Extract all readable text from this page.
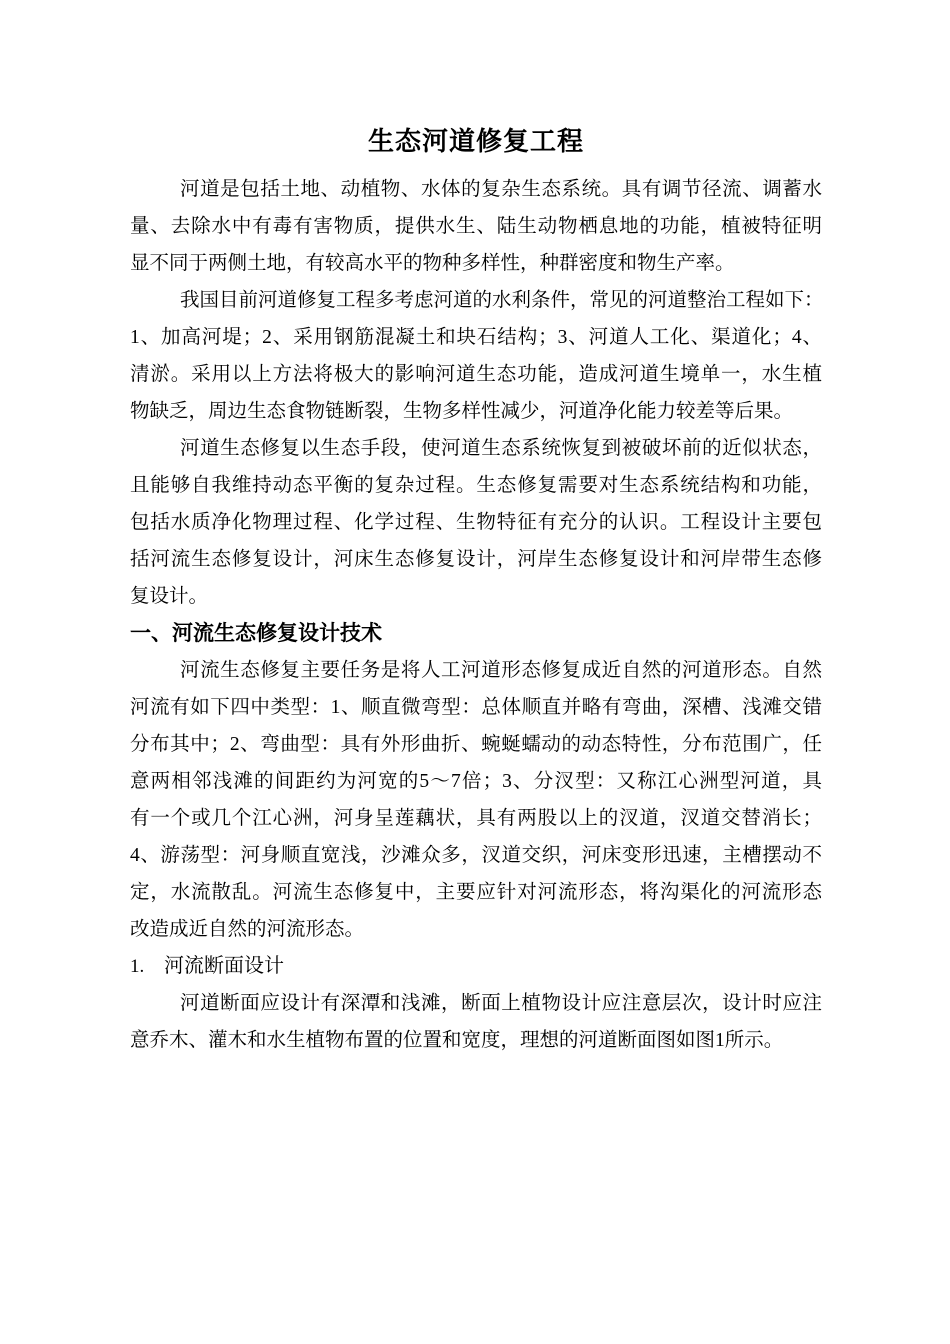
生态河道修复工程
河道是包括土地、动植物、水体的复杂生态系统。具有调节径流、调蓄水
量、去除水中有毒有害物质，提供水生、陆生动物栖息地的功能，植被特征明
显不同于两侧土地，有较高水平的物种多样性，种群密度和物生产率。
我国目前河道修复工程多考虑河道的水利条件，常见的河道整治工程如下：
1、加高河堤；2、采用钢筋混凝土和块石结构；3、河道人工化、渠道化；4、
清淤。采用以上方法将极大的影响河道生态功能，造成河道生境单一，水生植
物缺乏，周边生态食物链断裂，生物多样性减少，河道净化能力较差等后果。
河道生态修复以生态手段，使河道生态系统恢复到被破坏前的近似状态，
且能够自我维持动态平衡的复杂过程。生态修复需要对生态系统结构和功能，
包括水质净化物理过程、化学过程、生物特征有充分的认识。工程设计主要包
括河流生态修复设计，河床生态修复设计，河岸生态修复设计和河岸带生态修
复设计。
一、河流生态修复设计技术
河流生态修复主要任务是将人工河道形态修复成近自然的河道形态。自然
河流有如下四中类型：1、顺直微弯型：总体顺直并略有弯曲，深槽、浅滩交错
分布其中；2、弯曲型：具有外形曲折、蜿蜒蠕动的动态特性，分布范围广，任
意两相邻浅滩的间距约为河宽的5～7倍；3、分汊型：又称江心洲型河道，具
有一个或几个江心洲，河身呈莲藕状，具有两股以上的汊道，汊道交替消长；
4、游荡型：河身顺直宽浅，沙滩众多，汊道交织，河床变形迅速，主槽摆动不
定，水流散乱。河流生态修复中，主要应针对河流形态，将沟渠化的河流形态
改造成近自然的河流形态。
1. 河流断面设计
河道断面应设计有深潭和浅滩，断面上植物设计应注意层次，设计时应注
意乔木、灌木和水生植物布置的位置和宽度，理想的河道断面图如图1所示。
